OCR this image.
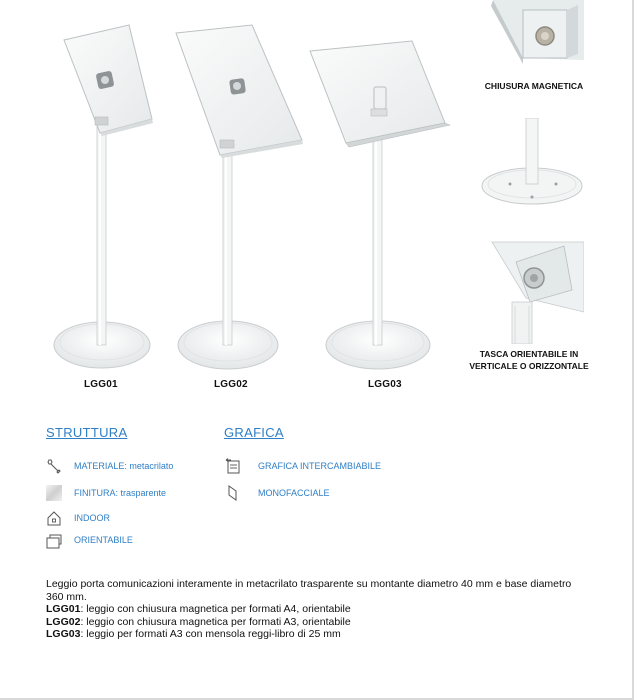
LGG01	LGG02	LGG03
CHIUSURA MAGNETICA
TASCA ORIENTABILE IN
VERTICALE O ORIZZONTALE
STRUTTURA	GRAFICA
MATERIALE: metacrilato
FINITURA: trasparente
INDOOR
ORIENTABILE
GRAFICA INTERCAMBIABILE
MONOFACCIALE

Leggio porta comunicazioni interamente in metacrilato trasparente su montante diametro 40 mm e base diametro 360 mm.

LGG01: leggio con chiusura magnetica per formati A4, orientabile

LGG02: leggio con chiusura magnetica per formati A3, orientabile

LGG03: leggio per formati A3 con mensola reggi-libro di 25 mm
